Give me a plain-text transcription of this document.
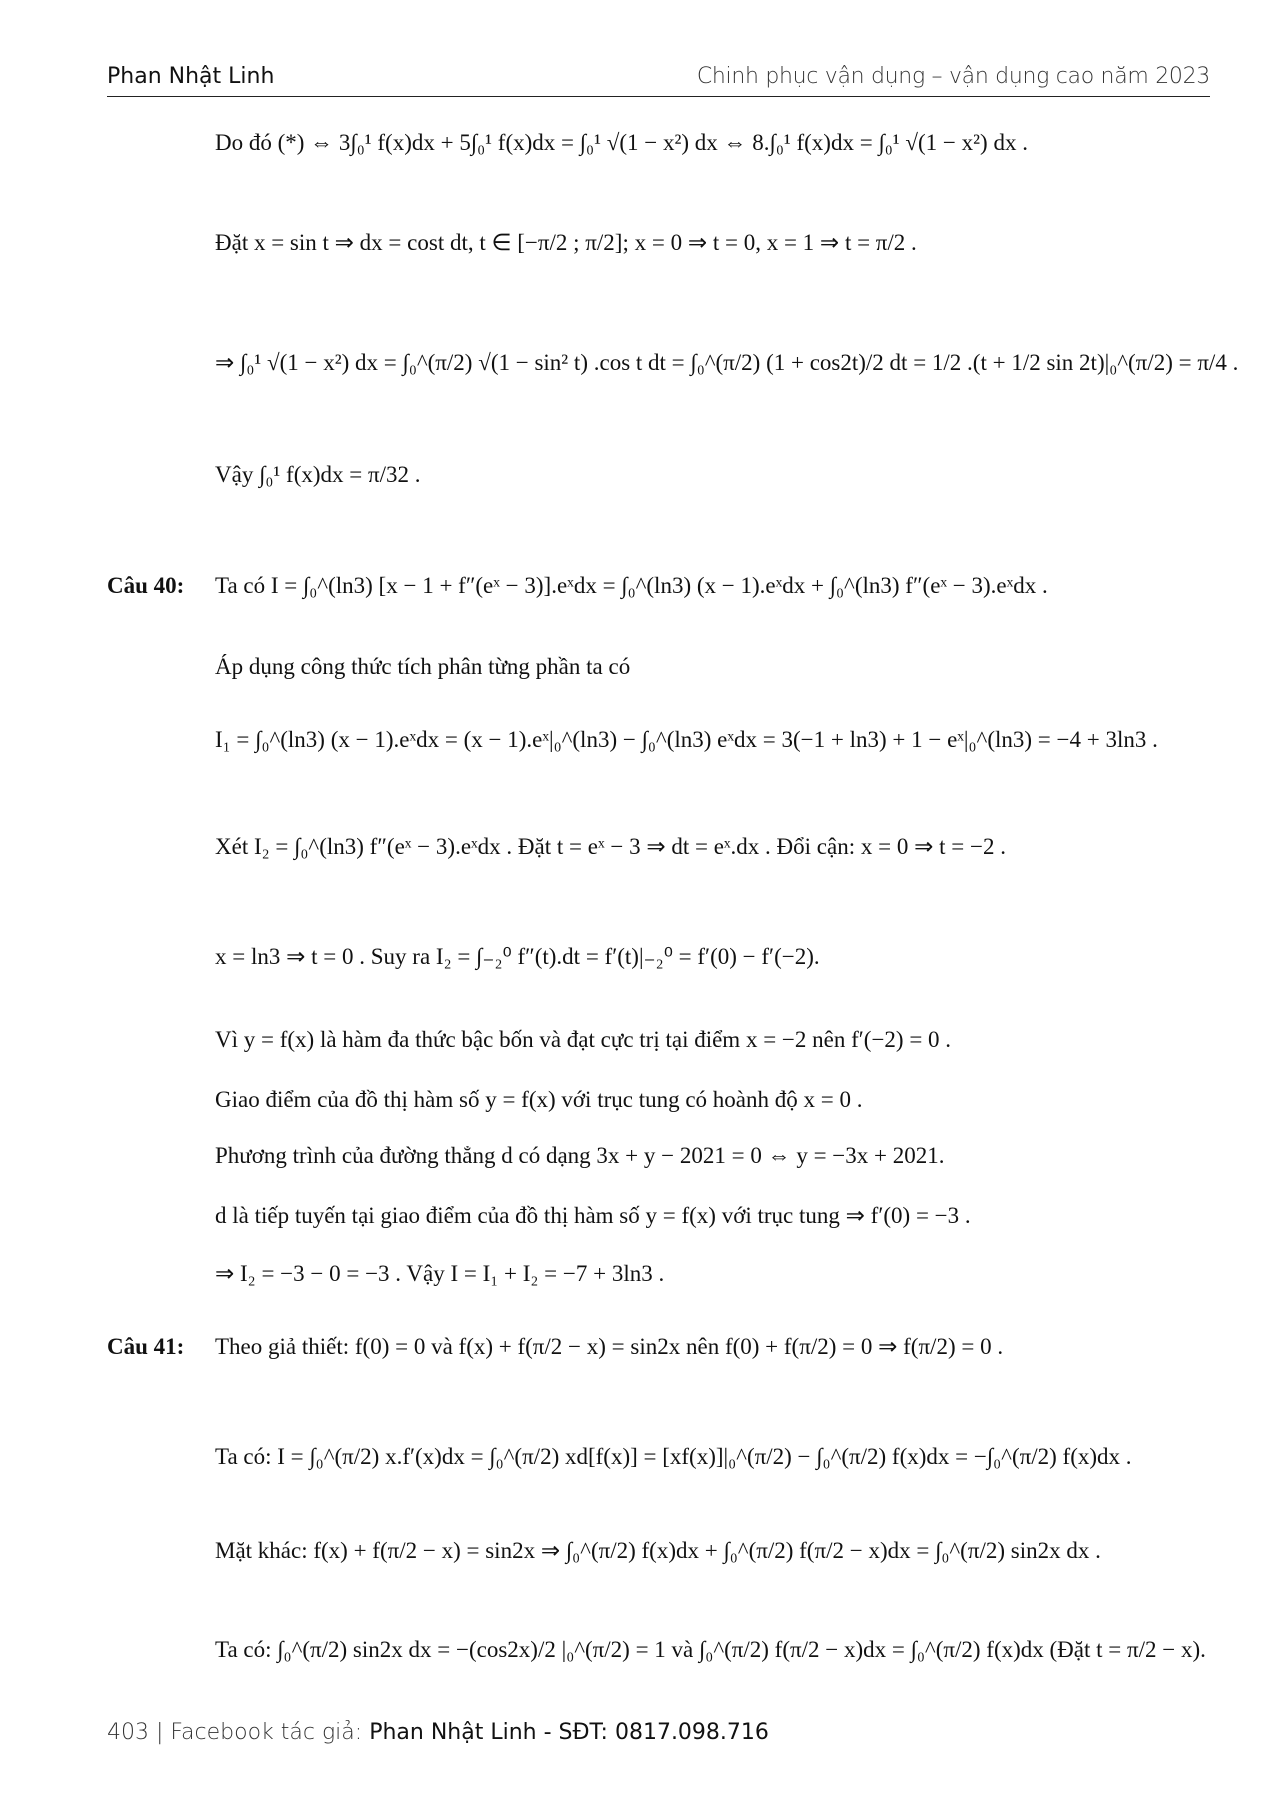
Phan Nhật Linh	Chinh phục vận dụng – vận dụng cao năm 2023
Do đó (*) ⇔ 3∫₀¹ f(x)dx + 5∫₀¹ f(x)dx = ∫₀¹ √(1 − x²) dx ⇔ 8.∫₀¹ f(x)dx = ∫₀¹ √(1 − x²) dx .
Đặt x = sin t ⇒ dx = cost dt, t ∈ [−π/2 ; π/2]; x = 0 ⇒ t = 0, x = 1 ⇒ t = π/2 .
⇒ ∫₀¹ √(1 − x²) dx = ∫₀^(π/2) √(1 − sin² t) .cos t dt = ∫₀^(π/2) (1 + cos2t)/2 dt = 1/2 .(t + 1/2 sin 2t)|₀^(π/2) = π/4 .
Vậy ∫₀¹ f(x)dx = π/32 .
Câu 40: Ta có I = ∫₀^(ln3) [x − 1 + f″(eˣ − 3)].eˣdx = ∫₀^(ln3) (x − 1).eˣdx + ∫₀^(ln3) f″(eˣ − 3).eˣdx .
Áp dụng công thức tích phân từng phần ta có
I₁ = ∫₀^(ln3) (x − 1).eˣdx = (x − 1).eˣ|₀^(ln3) − ∫₀^(ln3) eˣdx = 3(−1 + ln3) + 1 − eˣ|₀^(ln3) = −4 + 3ln3 .
Xét I₂ = ∫₀^(ln3) f″(eˣ − 3).eˣdx . Đặt t = eˣ − 3 ⇒ dt = eˣ.dx . Đổi cận: x = 0 ⇒ t = −2 .
x = ln3 ⇒ t = 0 . Suy ra I₂ = ∫₋₂⁰ f″(t).dt = f′(t)|₋₂⁰ = f′(0) − f′(−2).
Vì y = f(x) là hàm đa thức bậc bốn và đạt cực trị tại điểm x = −2 nên f′(−2) = 0 .
Giao điểm của đồ thị hàm số y = f(x) với trục tung có hoành độ x = 0 .
Phương trình của đường thẳng d có dạng 3x + y − 2021 = 0 ⇔ y = −3x + 2021.
d là tiếp tuyến tại giao điểm của đồ thị hàm số y = f(x) với trục tung ⇒ f′(0) = −3 .
⇒ I₂ = −3 − 0 = −3 . Vậy I = I₁ + I₂ = −7 + 3ln3 .
Câu 41: Theo giả thiết: f(0) = 0 và f(x) + f(π/2 − x) = sin2x nên f(0) + f(π/2) = 0 ⇒ f(π/2) = 0 .
Ta có: I = ∫₀^(π/2) x.f′(x)dx = ∫₀^(π/2) xd[f(x)] = [xf(x)]|₀^(π/2) − ∫₀^(π/2) f(x)dx = −∫₀^(π/2) f(x)dx .
Mặt khác: f(x) + f(π/2 − x) = sin2x ⇒ ∫₀^(π/2) f(x)dx + ∫₀^(π/2) f(π/2 − x)dx = ∫₀^(π/2) sin2x dx .
Ta có: ∫₀^(π/2) sin2x dx = −(cos2x)/2 |₀^(π/2) = 1 và ∫₀^(π/2) f(π/2 − x)dx = ∫₀^(π/2) f(x)dx (Đặt t = π/2 − x).
403 | Facebook tác giả: Phan Nhật Linh - SĐT: 0817.098.716
